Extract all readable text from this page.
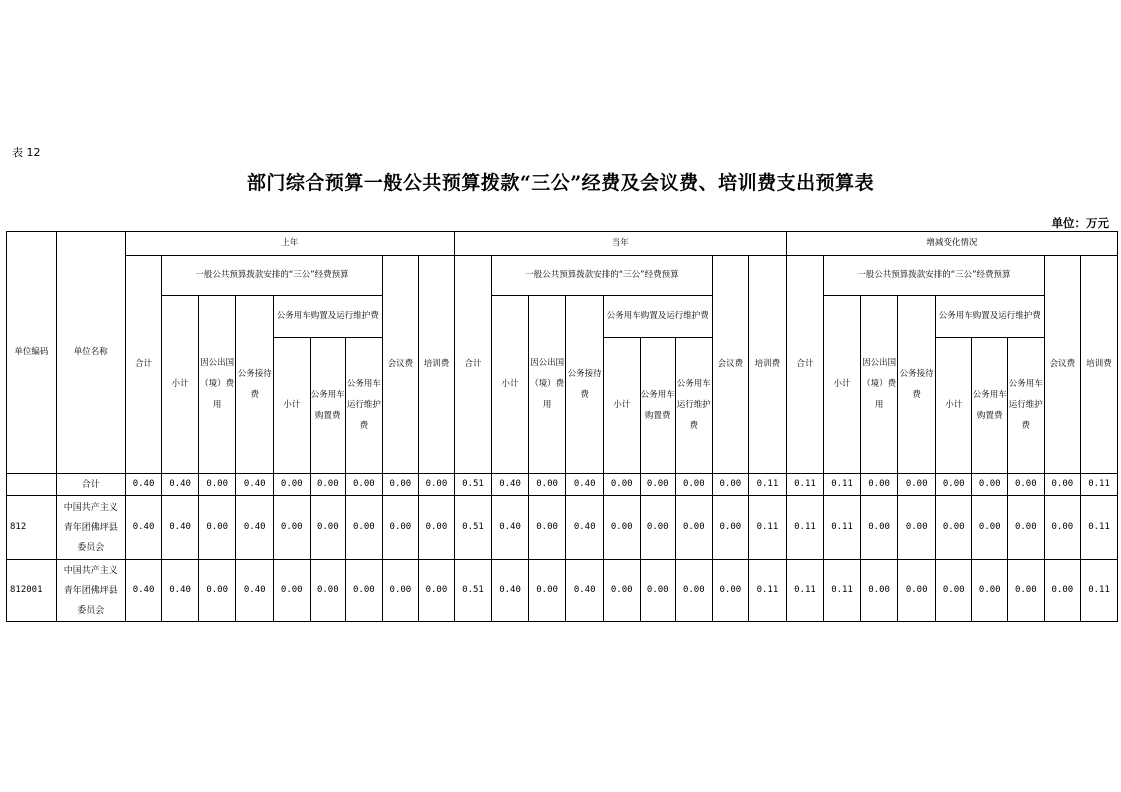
表 12
部门综合预算一般公共预算拨款“三公”经费及会议费、培训费支出预算表
单位：万元
单位编码	单位名称	上年									当年									增减变化情况								
		合计	一般公共预算拨款安排的“三公”经费预算						会议费	培训费	合计	一般公共预算拨款安排的“三公”经费预算						会议费	培训费	合计	一般公共预算拨款安排的“三公”经费预算						会议费	培训费
			小计	因公出国（境）费用	公务接待费	公务用车购置及运行维护费						小计	因公出国（境）费用	公务接待费	公务用车购置及运行维护费						小计	因公出国（境）费用	公务接待费	公务用车购置及运行维护费				
						小计	公务用车购置费	公务用车运行维护费							小计	公务用车购置费	公务用车运行维护费							小计	公务用车购置费	公务用车运行维护费		

	合计	0.40	0.40	0.00	0.40	0.00	0.00	0.00	0.00	0.00	0.51	0.40	0.00	0.40	0.00	0.00	0.00	0.00	0.11	0.11	0.11	0.00	0.00	0.00	0.00	0.00	0.00	0.11
812	中国共产主义青年团佛坪县委员会	0.40	0.40	0.00	0.40	0.00	0.00	0.00	0.00	0.00	0.51	0.40	0.00	0.40	0.00	0.00	0.00	0.00	0.11	0.11	0.11	0.00	0.00	0.00	0.00	0.00	0.00	0.11
812001	中国共产主义青年团佛坪县委员会	0.40	0.40	0.00	0.40	0.00	0.00	0.00	0.00	0.00	0.51	0.40	0.00	0.40	0.00	0.00	0.00	0.00	0.11	0.11	0.11	0.00	0.00	0.00	0.00	0.00	0.00	0.11
